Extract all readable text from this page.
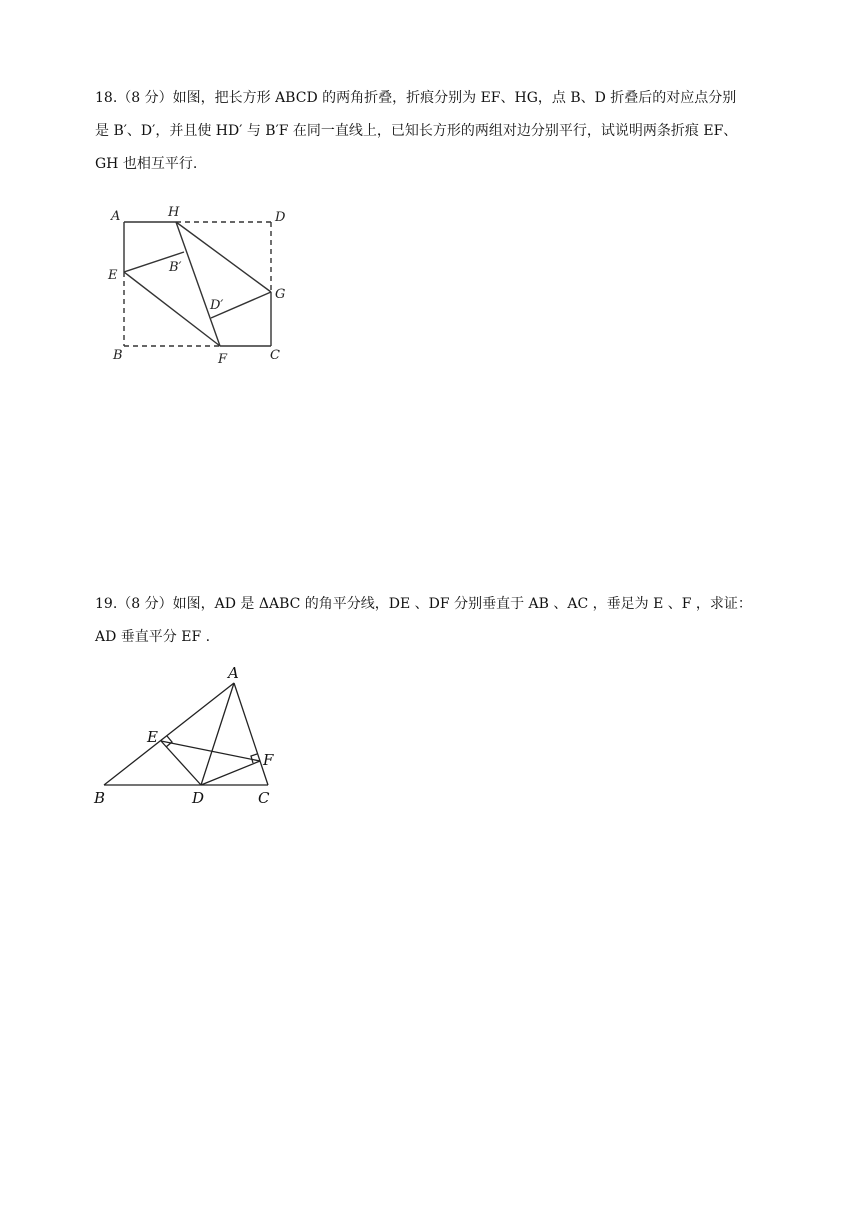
18.（8 分）如图，把长方形 ABCD 的两角折叠，折痕分别为 EF、HG，点 B、D 折叠后的对应点分别
是 B′、D′，并且使 HD′ 与 B′F 在同一直线上，已知长方形的两组对边分别平行，试说明两条折痕 EF、
GH 也相互平行.
A	H	D
E
B′
D′
G
B	F	C
19.（8 分）如图，AD 是 ΔABC 的角平分线，DE 、DF 分别垂直于 AB 、AC ，垂足为 E 、F ，求证：
AD 垂直平分 EF .
A
E
F
B	D	C
